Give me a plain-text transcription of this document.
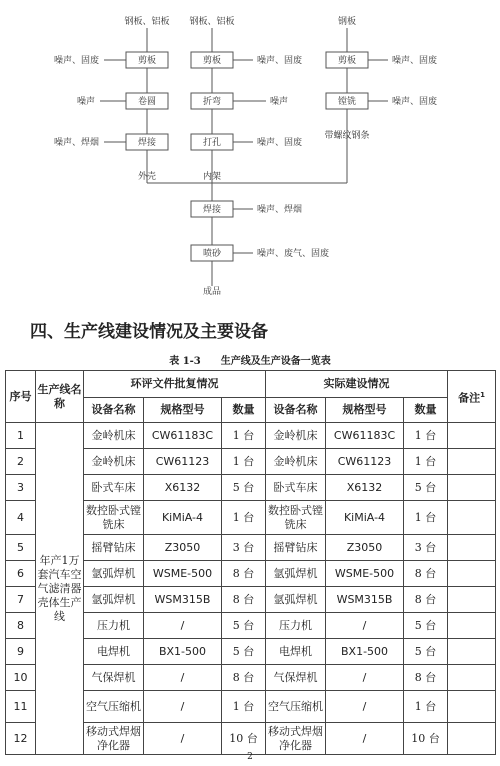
钢板、铝板 钢板、铝板	钢板
剪板
噪声、固废
卷圆
噪声
焊接
噪声、焊烟
外壳
剪板	噪声、固废
折弯	噪声
打孔	噪声、固废
内架
剪板	噪声、固废
镗铣	噪声、固废
带螺纹钢条
焊接	噪声、焊烟
喷砂	噪声、废气、固废
成品
四、生产线建设情况及主要设备
表 1-3　　生产线及生产设备一览表
序号	生产线名称	环评文件批复情况			实际建设情况			备注$^1$
		设备名称	规格型号	数量	设备名称	规格型号	数量	
1	年产1万套汽车空气滤清器壳体生产线	金岭机床	CW61183C	1 台	金岭机床	CW61183C	1 台	
2		金岭机床	CW61123	1 台	金岭机床	CW61123	1 台	
3		卧式车床	X6132	5 台	卧式车床	X6132	5 台	
4		数控卧式镗铣床	KiMiA-4	1 台	数控卧式镗铣床	KiMiA-4	1 台	
5		摇臂钻床	Z3050	3 台	摇臂钻床	Z3050	3 台	
6		氩弧焊机	WSME-500	8 台	氩弧焊机	WSME-500	8 台	
7		氩弧焊机	WSM315B	8 台	氩弧焊机	WSM315B	8 台	
8		压力机	/	5 台	压力机	/	5 台	
9		电焊机	BX1-500	5 台	电焊机	BX1-500	5 台	
10		气保焊机	/	8 台	气保焊机	/	8 台	
11		空气压缩机	/	1 台	空气压缩机	/	1 台	
12		移动式焊烟净化器	/	10 台	移动式焊烟净化器	/	10 台	
2
